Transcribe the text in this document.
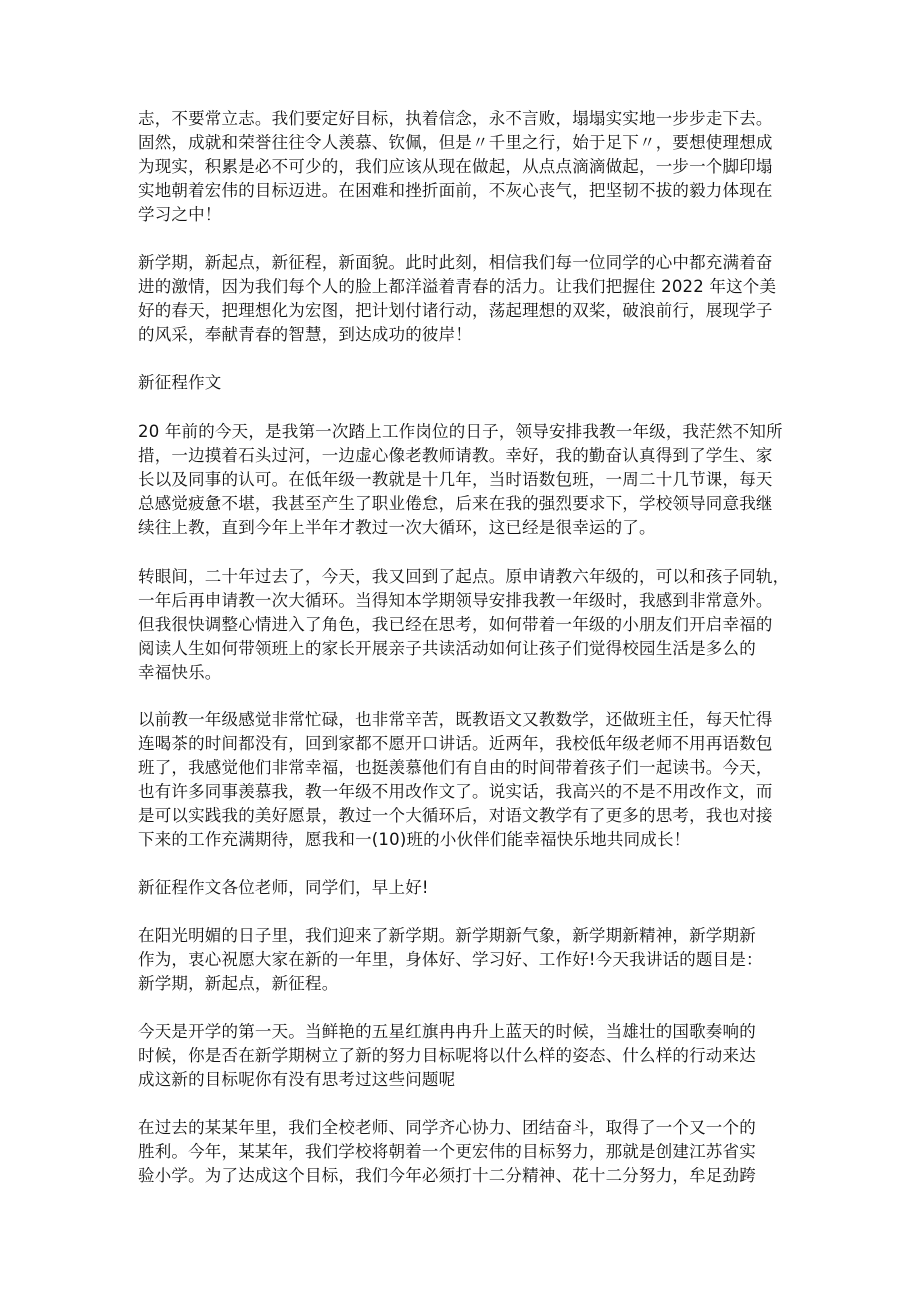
志，不要常立志。我们要定好目标，执着信念，永不言败，塌塌实实地一步步走下去。
固然，成就和荣誉往往令人羡慕、钦佩，但是〃千里之行，始于足下〃，要想使理想成
为现实，积累是必不可少的，我们应该从现在做起，从点点滴滴做起，一步一个脚印塌
实地朝着宏伟的目标迈进。在困难和挫折面前，不灰心丧气，把坚韧不拔的毅力体现在
学习之中！

新学期，新起点，新征程，新面貌。此时此刻，相信我们每一位同学的心中都充满着奋
进的激情，因为我们每个人的脸上都洋溢着青春的活力。让我们把握住 2022 年这个美
好的春天，把理想化为宏图，把计划付诸行动，荡起理想的双桨，破浪前行，展现学子
的风采，奉献青春的智慧，到达成功的彼岸！

新征程作文

20 年前的今天，是我第一次踏上工作岗位的日子，领导安排我教一年级，我茫然不知所
措，一边摸着石头过河，一边虚心像老教师请教。幸好，我的勤奋认真得到了学生、家
长以及同事的认可。在低年级一教就是十几年，当时语数包班，一周二十几节课，每天
总感觉疲惫不堪，我甚至产生了职业倦怠，后来在我的强烈要求下，学校领导同意我继
续往上教，直到今年上半年才教过一次大循环，这已经是很幸运的了。

转眼间，二十年过去了，今天，我又回到了起点。原申请教六年级的，可以和孩子同轨，
一年后再申请教一次大循环。当得知本学期领导安排我教一年级时，我感到非常意外。
但我很快调整心情进入了角色，我已经在思考，如何带着一年级的小朋友们开启幸福的
阅读人生如何带领班上的家长开展亲子共读活动如何让孩子们觉得校园生活是多么的
幸福快乐。

以前教一年级感觉非常忙碌，也非常辛苦，既教语文又教数学，还做班主任，每天忙得
连喝茶的时间都没有，回到家都不愿开口讲话。近两年，我校低年级老师不用再语数包
班了，我感觉他们非常幸福，也挺羡慕他们有自由的时间带着孩子们一起读书。今天，
也有许多同事羡慕我，教一年级不用改作文了。说实话，我高兴的不是不用改作文，而
是可以实践我的美好愿景，教过一个大循环后，对语文教学有了更多的思考，我也对接
下来的工作充满期待，愿我和一(10)班的小伙伴们能幸福快乐地共同成长！

新征程作文各位老师，同学们，早上好!

在阳光明媚的日子里，我们迎来了新学期。新学期新气象，新学期新精神，新学期新
作为，衷心祝愿大家在新的一年里，身体好、学习好、工作好!今天我讲话的题目是：
新学期，新起点，新征程。

今天是开学的第一天。当鲜艳的五星红旗冉冉升上蓝天的时候，当雄壮的国歌奏响的
时候，你是否在新学期树立了新的努力目标呢将以什么样的姿态、什么样的行动来达
成这新的目标呢你有没有思考过这些问题呢

在过去的某某年里，我们全校老师、同学齐心协力、团结奋斗，取得了一个又一个的
胜利。今年，某某年，我们学校将朝着一个更宏伟的目标努力，那就是创建江苏省实
验小学。为了达成这个目标，我们今年必须打十二分精神、花十二分努力，牟足劲跨
